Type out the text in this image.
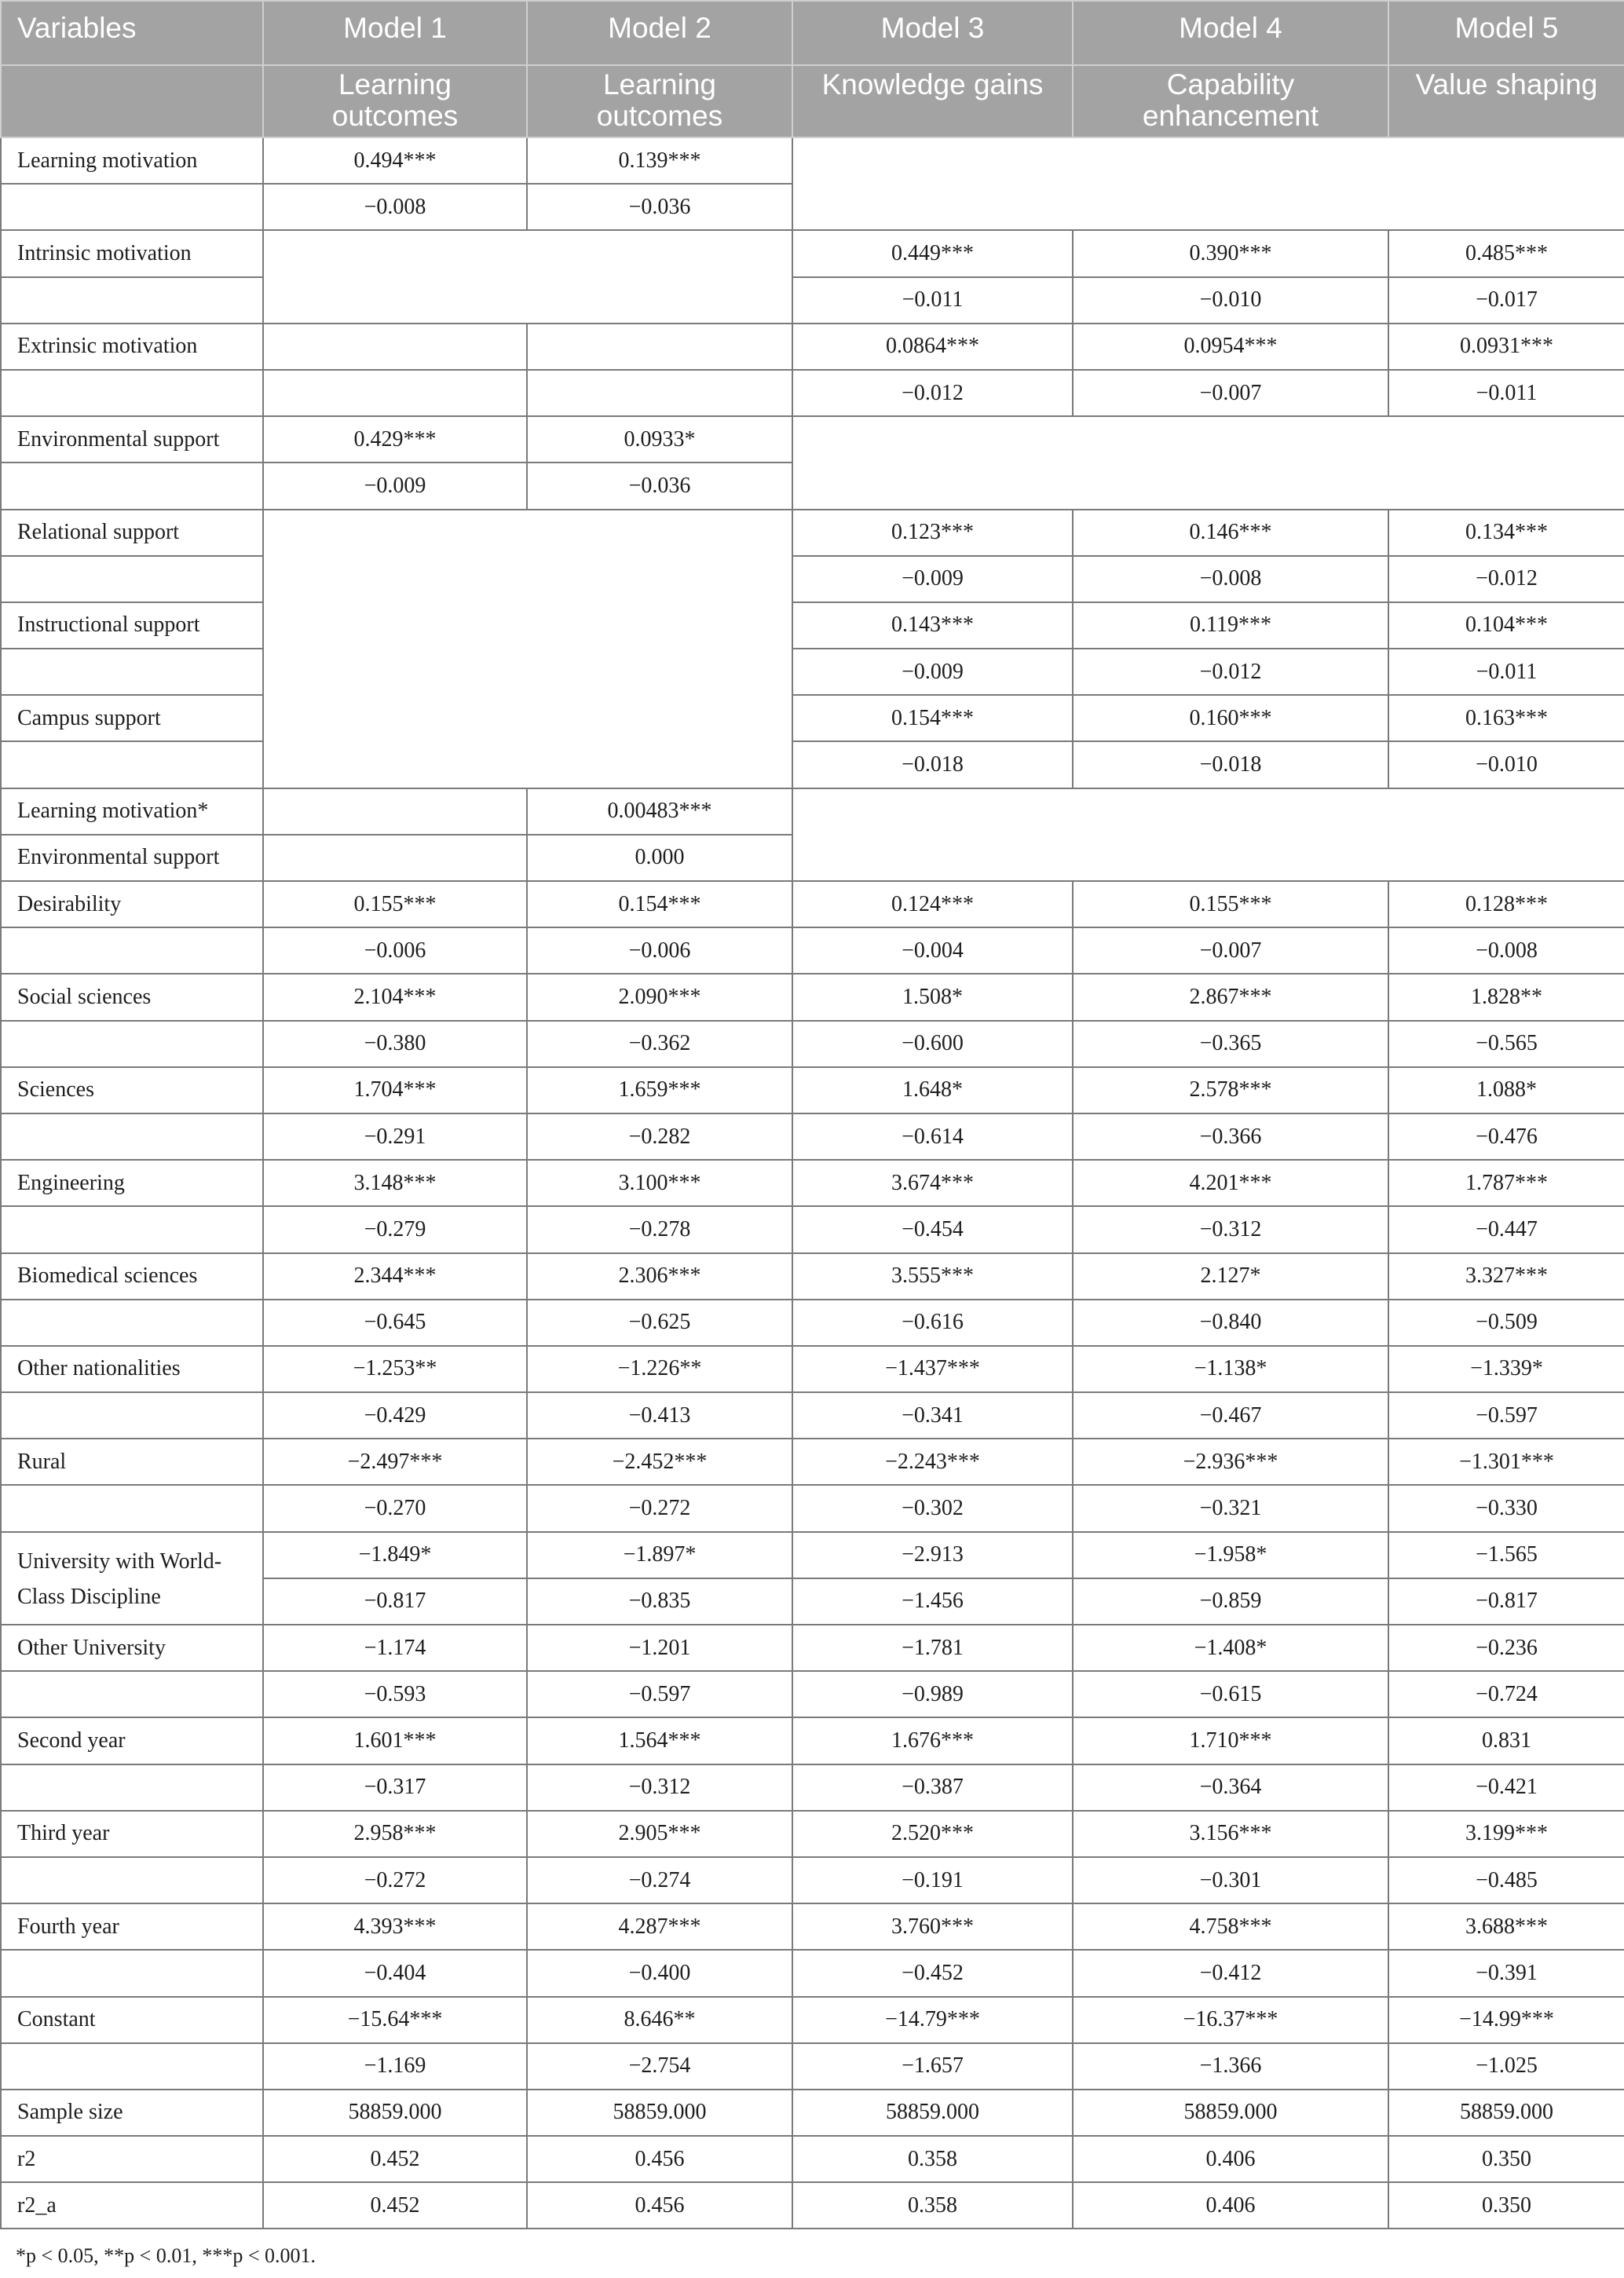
Variables	Model 1	Model 2	Model 3	Model 4	Model 5
	Learning outcomes	Learning outcomes	Knowledge gains	Capability enhancement	Value shaping
Learning motivation	0.494***	0.139***			
	−0.008	−0.036			
Intrinsic motivation			0.449***	0.390***	0.485***
			−0.011	−0.010	−0.017
Extrinsic motivation			0.0864***	0.0954***	0.0931***
			−0.012	−0.007	−0.011
Environmental support	0.429***	0.0933*			
	−0.009	−0.036			
Relational support			0.123***	0.146***	0.134***
			−0.009	−0.008	−0.012
Instructional support			0.143***	0.119***	0.104***
			−0.009	−0.012	−0.011
Campus support			0.154***	0.160***	0.163***
			−0.018	−0.018	−0.010
Learning motivation*		0.00483***			
Environmental support		0.000			
Desirability	0.155***	0.154***	0.124***	0.155***	0.128***
	−0.006	−0.006	−0.004	−0.007	−0.008
Social sciences	2.104***	2.090***	1.508*	2.867***	1.828**
	−0.380	−0.362	−0.600	−0.365	−0.565
Sciences	1.704***	1.659***	1.648*	2.578***	1.088*
	−0.291	−0.282	−0.614	−0.366	−0.476
Engineering	3.148***	3.100***	3.674***	4.201***	1.787***
	−0.279	−0.278	−0.454	−0.312	−0.447
Biomedical sciences	2.344***	2.306***	3.555***	2.127*	3.327***
	−0.645	−0.625	−0.616	−0.840	−0.509
Other nationalities	−1.253**	−1.226**	−1.437***	−1.138*	−1.339*
	−0.429	−0.413	−0.341	−0.467	−0.597
Rural	−2.497***	−2.452***	−2.243***	−2.936***	−1.301***
	−0.270	−0.272	−0.302	−0.321	−0.330
University with World-Class Discipline	−1.849*	−1.897*	−2.913	−1.958*	−1.565
	−0.817	−0.835	−1.456	−0.859	−0.817
Other University	−1.174	−1.201	−1.781	−1.408*	−0.236
	−0.593	−0.597	−0.989	−0.615	−0.724
Second year	1.601***	1.564***	1.676***	1.710***	0.831
	−0.317	−0.312	−0.387	−0.364	−0.421
Third year	2.958***	2.905***	2.520***	3.156***	3.199***
	−0.272	−0.274	−0.191	−0.301	−0.485
Fourth year	4.393***	4.287***	3.760***	4.758***	3.688***
	−0.404	−0.400	−0.452	−0.412	−0.391
Constant	−15.64***	8.646**	−14.79***	−16.37***	−14.99***
	−1.169	−2.754	−1.657	−1.366	−1.025
Sample size	58859.000	58859.000	58859.000	58859.000	58859.000
r2	0.452	0.456	0.358	0.406	0.350
r2_a	0.452	0.456	0.358	0.406	0.350

*p < 0.05, **p < 0.01, ***p < 0.001.
